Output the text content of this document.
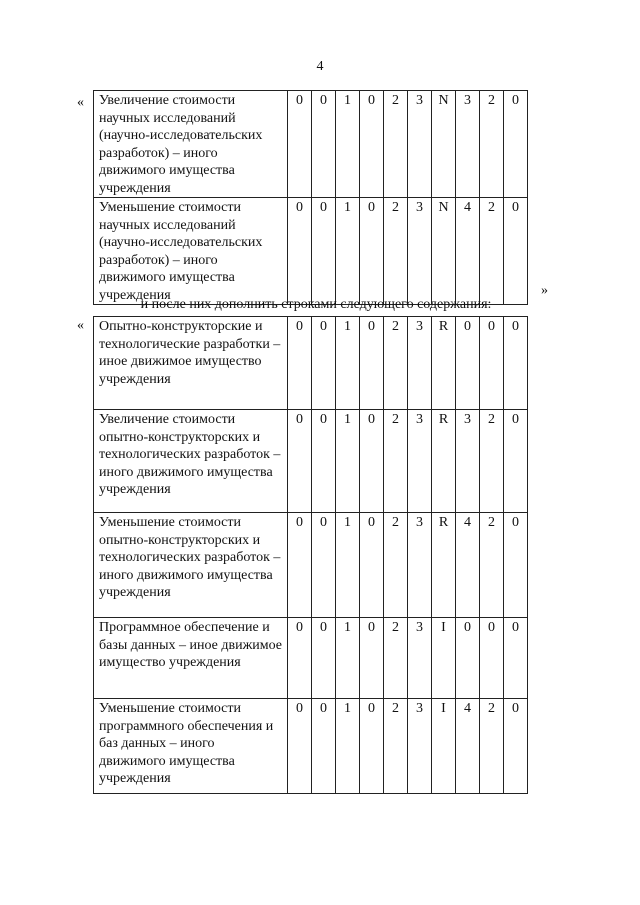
4
« Увеличение стоимости научных исследований (научно-исследовательских разработок) – иного движимого имущества учреждения	0	0	1	0	2	3	N	3	2	0
Уменьшение стоимости научных исследований (научно-исследовательских разработок) – иного движимого имущества учреждения	0	0	1	0	2	3	N	4	2	0
»
и после них дополнить строками следующего содержания:
« Опытно-конструкторские и технологические разработки – иное движимое имущество учреждения	0	0	1	0	2	3	R	0	0	0
Увеличение стоимости опытно-конструкторских и технологических разработок – иного движимого имущества учреждения	0	0	1	0	2	3	R	3	2	0
Уменьшение стоимости опытно-конструкторских и технологических разработок – иного движимого имущества учреждения	0	0	1	0	2	3	R	4	2	0
Программное обеспечение и базы данных – иное движимое имущество учреждения	0	0	1	0	2	3	I	0	0	0
Уменьшение стоимости программного обеспечения и баз данных – иного движимого имущества учреждения	0	0	1	0	2	3	I	4	2	0
